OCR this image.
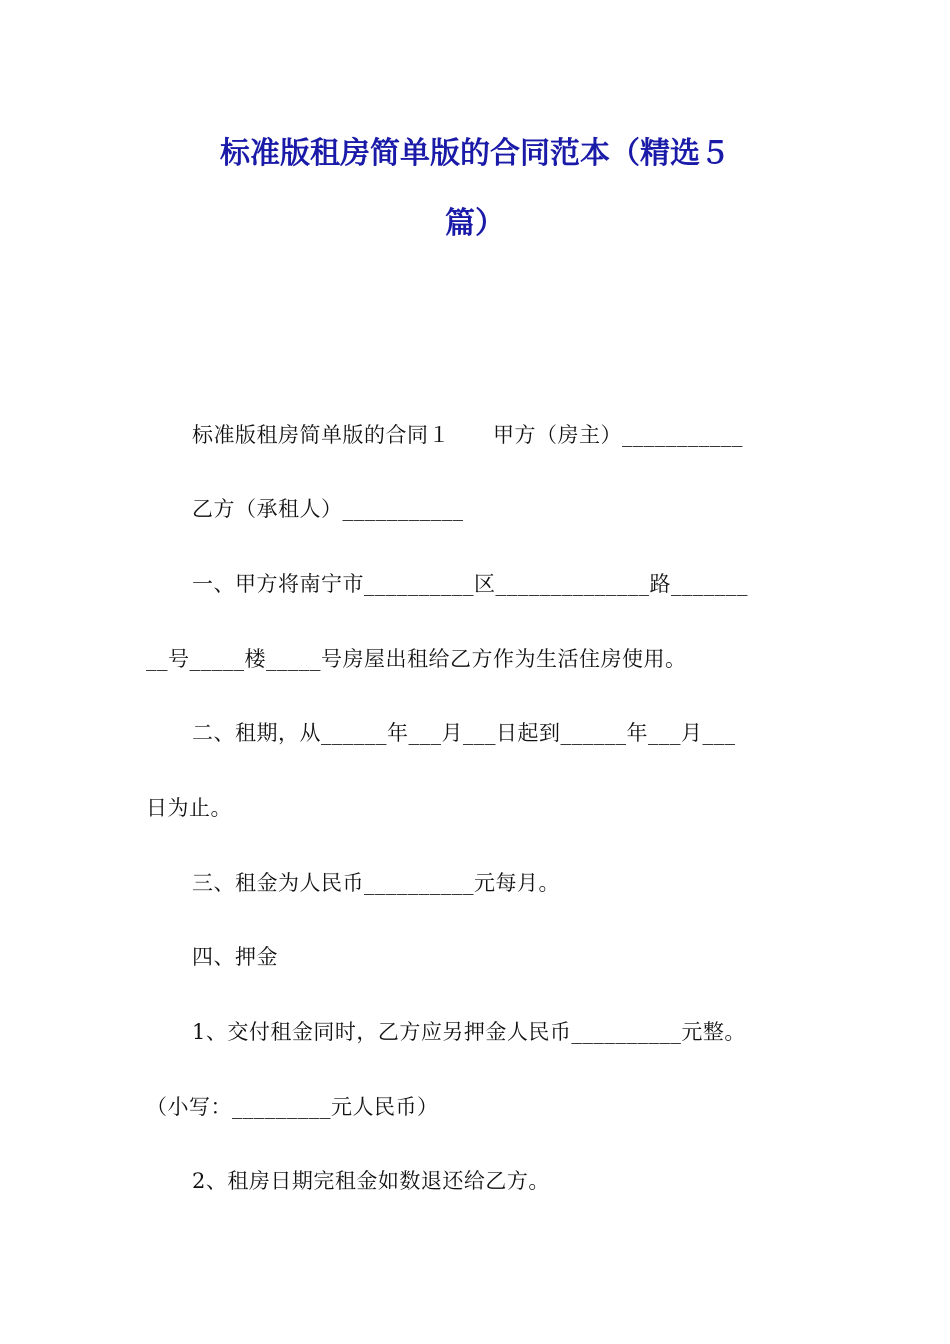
标准版租房简单版的合同范本（精选５
篇）
标准版租房简单版的合同１　　甲方（房主）___________
乙方（承租人）___________
一、甲方将南宁市__________区______________路_______
__号_____楼_____号房屋出租给乙方作为生活住房使用。
二、租期，从______年___月___日起到______年___月___
日为止。
三、租金为人民币__________元每月。
四、押金
1、交付租金同时，乙方应另押金人民币__________元整。
（小写：_________元人民币）
2、租房日期完租金如数退还给乙方。
